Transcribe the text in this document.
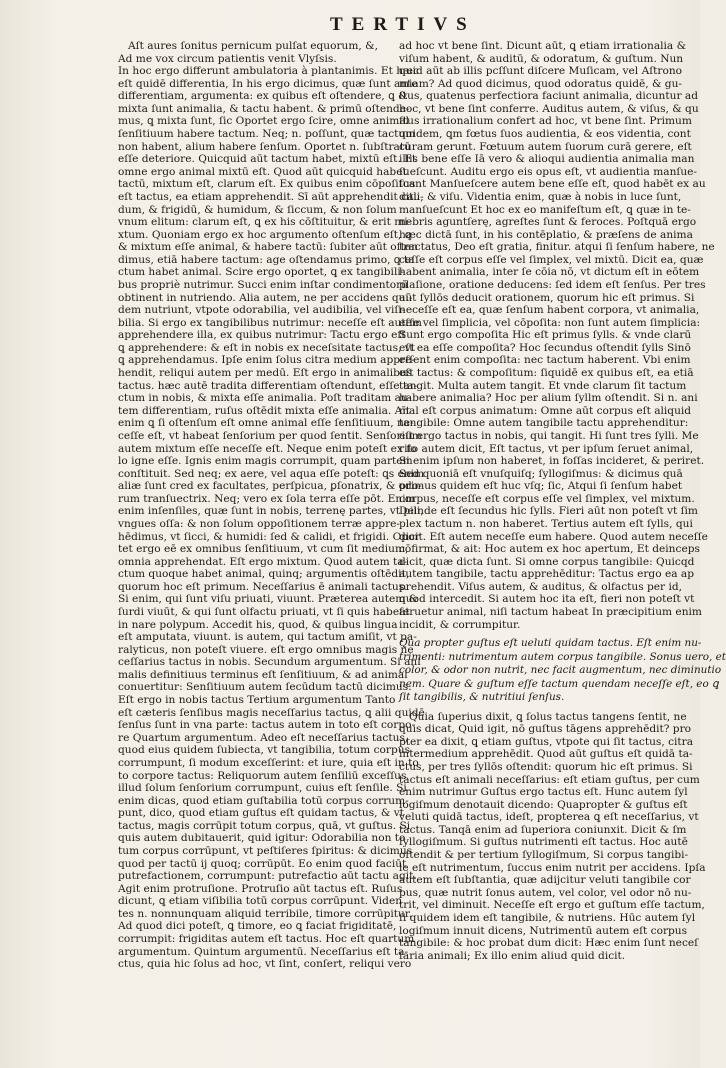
TERTIVS
Aſt aures ſonitus pernicum pulſat equorum, &,
Ad me vox circum patientis venit Vlyſsis.
In hoc ergo differunt ambulatoria à plantanimis. Et hæc
eſt quidē differentia, In his ergo dicimus, quæ ſunt ante
differentiam, argumenta: ex quibus eſt oſtendere, ꝗ &
mixta ſunt animalia, & tactu habent. & primū oſtende-
mus, ꝗ mixta ſunt, ſic Oportet ergo ſcire, omne animal
ſenſitiuum habere tactum. Neq; n. poſſunt, quæ tactum
non habent, alium habere ſenſum. Oportet n. ſubſtratū
eſſe deteriore. Quicquid aūt tactum habet, mixtū eſt. Et
omne ergo animal mixtū eſt. Quod aūt quicquid habet
tactū, mixtum eſt, clarum eſt. Ex quibus enim cōpoſitus
eſt tactus, ea etiam apprehendit. Sī aūt apprehendit cali-
dum, & frigidū, & humidum, & ſiccum, & non ſolum
vnum elitum: clarum eſt, ꝗ ex his cōſtituitur, & erit mi-
xtum. Quoniam ergo ex hoc argumento oſtenſum eſt, ꝗ
& mixtum eſſe animal, & habere tactū: ſubiter aūt oſten
dimus, etiā habere tactum: age oſtendamus primo, ꝗ ta
ctum habet animal. Scire ergo oportet, ꝗ ex tangibili-
bus propriè nutrimur. Succi enim inſtar condimentorū
obtinent in nutriendo. Alia autem, ne per accidens qui-
dem nutriunt, vtpote odorabilia, vel audibilia, vel viſi-
bilia. Si ergo ex tangibilibus nutrimur: neceſſe eſt autem
apprehendere illa, ex quibus nutrimur: Tactu ergo eſt
ꝗ apprehendere: & eſt in nobis ex neceſsitate tactus, vt
ꝗ apprehendamus. Ipſe enim ſolus citra medium appre-
hendit, reliqui autem per medū. Eſt ergo in animalibus
tactus. hæc autē tradita differentiam oſtendunt, eſſe ta-
ctum in nobis, & mixta eſſe animalia. Poſt traditam au-
tem differentiam, ruſus oſtēdit mixta eſſe animalia. Aīt
enim ꝗ ſi oſtenſum eſt omne animal eſſe ſenſitiuum, ne-
ceſſe eſt, vt habeat ſenſorium per quod ſentit. Senſorium
autem mixtum eſſe neceſſe eſt. Neque enim poteſt ex ſo
lo igne eſſe. Ignis enim magis corrumpit, quam partem
conſtituit. Sed neq; ex aere, vel aqua eſſe poteſt: ꝗs enim
aliæ ſunt cred ex facultates, perſpicua, ꝑſonatrix, & odo-
rum tranſuectrix. Neq; vero ex ſola terra eſſe pōt. Enim
enim inſenſiles, quæ ſunt in nobis, terrenę partes, vt pili,
vngues oſſa: & non ſolum oppoſitionem terræ appre-
hēdimus, vt ſicci, & humidi: ſed & calidi, et frigidi. Opor
tet ergo eē ex omnibus ſenſitiuum, vt cum ſit medium,
omnia apprehendat. Eſt ergo mixtum. Quod autem ta-
ctum quoque habet animal, quinq; argumentis oſtēdit,
quorum hoc eſt primum. Neceſſarius ē animali tactus.
Si enim, qui ſunt viſu priuati, viuunt. Præterea autem &
ſurdi viuūt, & qui ſunt olfactu priuati, vt ſi quis habeat
in nare polypum. Accedit his, quod, & quibus lingua
eſt amputata, viuunt. is autem, qui tactum amiſit, vt pa-
ralyticus, non poteſt viuere. eſt ergo omnibus magis ne
ceſſarius tactus in nobis. Secundum argumentum. Si ani
malis definitiuus terminus eſt ſenſitiuum, & ad animal
conuertitur: Senſitiuum autem ſecūdum tactū dicimus:
Eſt ergo in nobis tactus Tertium argumentum Tanto
eſt cæteris ſenſibus magis neceſſarius tactus, ꝗ alii quidē
ſenſus ſunt in vna parte: tactus autem in toto eſt corpo-
re Quartum argumentum. Adeo eſt neceſſarius tactus,
quod eius quidem ſubiecta, vt tangibilia, totum corpus
corrumpunt, ſi modum exceſſerint: et iure, quia eſt in to
to corpore tactus: Reliquorum autem ſenſiliū exceſſus
illud ſolum ſenſorium corrumpunt, cuius eſt ſenſile. Si
enim dicas, quod etiam guſtabilia totū corpus corrum-
punt, dico, quod etiam guſtus eſt quidam tactus, & vt
tactus, magis corrūpit totum corpus, quā, vt guſtus. Si
quis autem dubitauerit, quid igitur: Odorabilia non to
tum corpus corrūpunt, vt peſtiſeres ſpiritus: & dicimus
quod per tactū ij quoq; corrūpūt. Eo enim quod faciūt
putrefactionem, corrumpunt: putrefactio aūt tactu agit.
Agit enim protruſione. Protruſio aūt tactus eſt. Ruſus
dicunt, ꝗ etiam viſibilia totū corpus corrūpunt. Viden
tes n. nonnunquam aliquid terribile, timore corrūpitur.
Ad quod dici poteſt, ꝗ timore, eo ꝗ faciat frigiditatē,
corrumpit: frigiditas autem eſt tactus. Hoc eſt quartum
argumentum. Quintum argumentū. Neceſſarius eſt ta-
ctus, quia hic ſolus ad hoc, vt ſint, conſert, reliqui vero
ad hoc vt bene ſint. Dicunt aūt, ꝗ etiam irrationalia &
viſum habent, & auditū, & odoratum, & guſtum. Nun
quid aūt ab illis pcſſunt diſcere Muſicam, vel Aſtrono
miam? Ad quod dicimus, quod odoratus quidē, & gu-
ſtus, quatenus perfectiora faciunt animalia, dicuntur ad
hoc, vt bene ſint conferre. Auditus autem, & viſus, & qu
ſtus irrationalium confert ad hoc, vt bene ſint. Primum
quidem, ꝗm fœtus ſuos audientia, & eos videntia, cont
curam gerunt. Fœtuum autem ſuorum curā gerere, eſt
illis bene eſſe Iā vero & alioqui audientia animalia man
ſueſcunt. Auditu ergo eis opus eſt, vt audientia manſue-
ſcant Manſueſcere autem bene eſſe eſt, quod habēt ex au
ditu, & viſu. Videntia enim, quæ à nobis in luce ſunt,
manſueſcunt Et hoc ex eo manifeſtum eſt, ꝗ quæ in te-
nebris aguntſerę, agreſtes ſunt & feroces. Poſtquā ergo
hæc dictā ſunt, in his contēplatio, & præſens de anima
tractatus, Deo eſt gratia, finitur. atqui ſi ſenſum habere, ne
ceſſe eſt corpus eſſe vel ſimplex, vel mixtū. Dicit ea, quæ
habent animalia, inter ſe cōia nō, vt dictum eſt in eōtem
plaſione, oratione deducens: ſed idem eſt ſenſus. Per tres
aūt ſyllōs deducit orationem, quorum hic eſt primus. Si
neceſſe eſt ea, quæ ſenſum habent corpora, vt animalia,
eſſe vel ſimplicia, vel cōpoſita: non ſunt autem ſimplicia:
Sunt ergo compoſita Hic eſt primus ſylls. & vnde clarū
eſt ea eſſe compoſita? Hoc ſecundus oſtendit ſylls Sinō
eſſent enim compoſita: nec tactum haberent. Vbi enim
eſt tactus: & compoſitum: ſiquidē ex quibus eſt, ea etiā
tangit. Multa autem tangit. Et vnde clarum ſit tactum
habere animalia? Hoc per alium ſyllm oſtendit. Si n. ani
mal eſt corpus animatum: Omne aūt corpus eſt aliquid
tangibile: Omne autem tangibile tactu apprehenditur:
eſt ergo tactus in nobis, qui tangit. Hi ſunt tres ſylli. Me
rito autem dicit, Eſt tactus, vt per ipſum ſeruet animal,
Si enim ipſum non haberet, in foſſas incideret, & periret.
Sed quoniā eſt vnuſquiſq; ſyllogiſmus: & dicimus quā
primus quidem eſt huc vſq; ſic, Atqui ſi ſenſum habet
corpus, neceſſe eſt corpus eſſe vel ſimplex, vel mixtum.
Deinde eſt ſecundus hic ſylls. Fieri aūt non poteſt vt ſim
plex tactum n. non haberet. Tertius autem eſt ſylls, qui
dicit. Eſt autem neceſſe eum habere. Quod autem neceſſe
cōfirmat, & ait: Hoc autem ex hoc apertum, Et deinceps
dicit, quæ dicta ſunt. Si omne corpus tangibile: Quicqd
autem tangibile, tactu apprehēditur: Tactus ergo ea ap
prehendit. Viſus autem, & auditus, & olfactus per id,
quod intercedit. Si autem hoc ita eſt, fieri non poteſt vt
ſeruetur animal, niſi tactum habeat In præcipitium enim
incidit, & corrumpitur.
Qua propter guſtus eſt ueluti quidam tactus. Eſt enim nu-
trimenti: nutrimentum autem corpus tangibile. Sonus uero, et
color, & odor non nutrit, nec facit augmentum, nec diminutio
nem. Quare & guſtum eſſe tactum quendam neceſſe eſt, eo ꝗ
ſit tangibilis, & nutritiui ſenſus.
Quia ſuperius dixit, ꝗ ſolus tactus tangens ſentit, ne
quis dicat, Quid igit, nō guſtus tāgens apprehēdit? pro
pter ea dixit, ꝗ etiam guſtus, vtpote qui ſit tactus, citra
intermedium apprehēdit. Quod aūt guſtus eſt quidā ta-
ctus, per tres ſyllōs oſtendit: quorum hic eſt primus. Si
tactus eſt animali neceſſarius: eſt etiam guſtus, per cum
enim nutrimur Guſtus ergo tactus eſt. Hunc autem ſyl
logiſmum denotauit dicendo: Quapropter & guſtus eſt
veluti quidā tactus, ideſt, propterea ꝗ eſt neceſſarius, vt
tactus. Tanqā enim ad ſuperiora coniunxit. Dicit & ſm
ſyllogiſmum. Si guſtus nutrimenti eſt tactus. Hoc autē
oſtendit & per tertium ſyllogiſmum, Si corpus tangibi-
le eſt nutrimentum, ſuccus enim nutrit per accidens. Ipſa
autem eſt ſubſtantia, quæ adijcitur veluti tangibile cor
pus, quæ nutrit ſonus autem, vel color, vel odor nō nu-
trit, vel diminuit. Neceſſe eſt ergo et guſtum eſſe tactum,
ſi quidem idem eſt tangibile, & nutriens. Hūc autem ſyl
logiſmum innuit dicens, Nutrimentū autem eſt corpus
tangibile: & hoc probat dum dicit: Hæc enim ſunt neceſ
ſaria animali; Ex illo enim aliud quid dicit.
